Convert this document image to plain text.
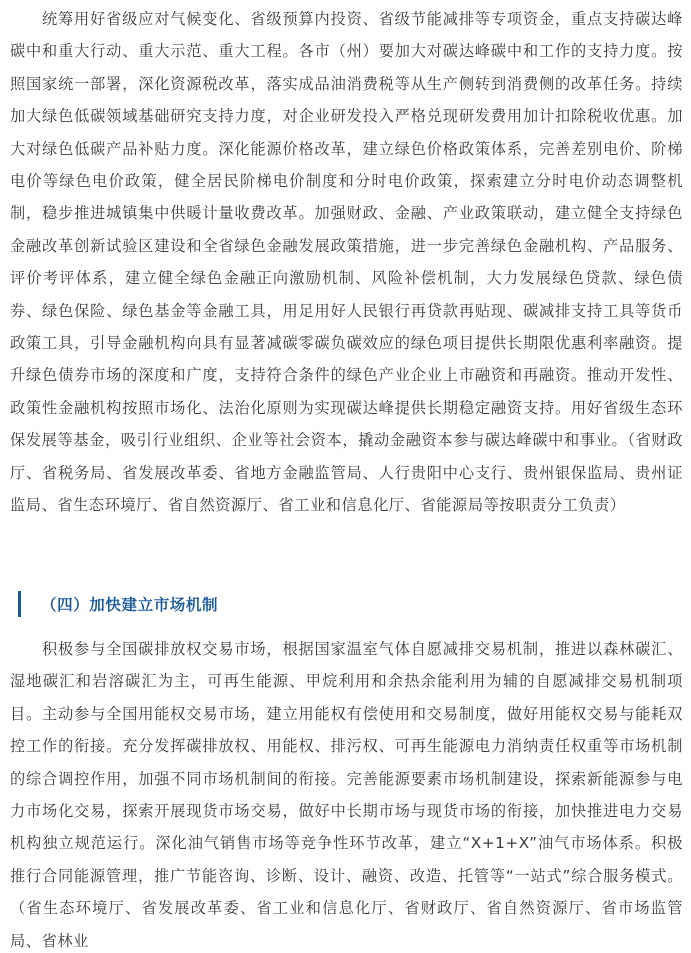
统筹用好省级应对气候变化、省级预算内投资、省级节能减排等专项资金，重点支持碳达峰碳中和重大行动、重大示范、重大工程。各市（州）要加大对碳达峰碳中和工作的支持力度。按照国家统一部署，深化资源税改革，落实成品油消费税等从生产侧转到消费侧的改革任务。持续加大绿色低碳领域基础研究支持力度，对企业研发投入严格兑现研发费用加计扣除税收优惠。加大对绿色低碳产品补贴力度。深化能源价格改革，建立绿色价格政策体系，完善差别电价、阶梯电价等绿色电价政策，健全居民阶梯电价制度和分时电价政策，探索建立分时电价动态调整机制，稳步推进城镇集中供暖计量收费改革。加强财政、金融、产业政策联动，建立健全支持绿色金融改革创新试验区建设和全省绿色金融发展政策措施，进一步完善绿色金融机构、产品服务、评价考评体系，建立健全绿色金融正向激励机制、风险补偿机制，大力发展绿色贷款、绿色债券、绿色保险、绿色基金等金融工具，用足用好人民银行再贷款再贴现、碳减排支持工具等货币政策工具，引导金融机构向具有显著减碳零碳负碳效应的绿色项目提供长期限优惠利率融资。提升绿色债券市场的深度和广度，支持符合条件的绿色产业企业上市融资和再融资。推动开发性、政策性金融机构按照市场化、法治化原则为实现碳达峰提供长期稳定融资支持。用好省级生态环保发展等基金，吸引行业组织、企业等社会资本，撬动金融资本参与碳达峰碳中和事业。（省财政厅、省税务局、省发展改革委、省地方金融监管局、人行贵阳中心支行、贵州银保监局、贵州证监局、省生态环境厅、省自然资源厅、省工业和信息化厅、省能源局等按职责分工负责）

（四）加快建立市场机制

积极参与全国碳排放权交易市场，根据国家温室气体自愿减排交易机制，推进以森林碳汇、湿地碳汇和岩溶碳汇为主，可再生能源、甲烷利用和余热余能利用为辅的自愿减排交易机制项目。主动参与全国用能权交易市场，建立用能权有偿使用和交易制度，做好用能权交易与能耗双控工作的衔接。充分发挥碳排放权、用能权、排污权、可再生能源电力消纳责任权重等市场机制的综合调控作用，加强不同市场机制间的衔接。完善能源要素市场机制建设，探索新能源参与电力市场化交易，探索开展现货市场交易，做好中长期市场与现货市场的衔接，加快推进电力交易机构独立规范运行。深化油气销售市场等竞争性环节改革，建立“X+1+X”油气市场体系。积极推行合同能源管理，推广节能咨询、诊断、设计、融资、改造、托管等“一站式”综合服务模式。（省生态环境厅、省发展改革委、省工业和信息化厅、省财政厅、省自然资源厅、省市场监管局、省林业
